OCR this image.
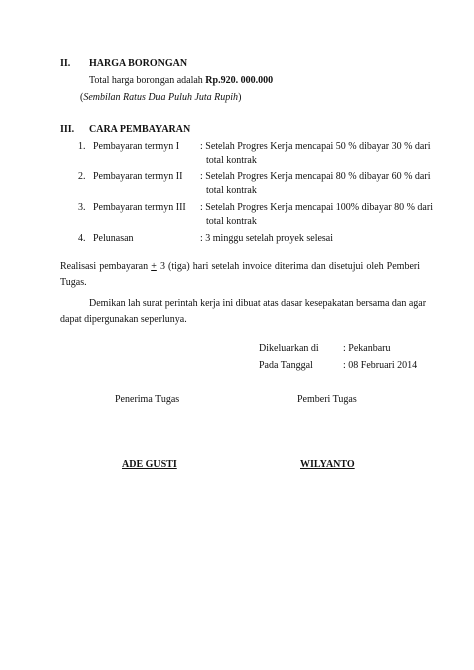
II. HARGA BORONGAN
Total harga borongan adalah Rp.920. 000.000
(Sembilan Ratus Dua Puluh Juta Rupih)
III. CARA PEMBAYARAN
1. Pembayaran termyn I : Setelah Progres Kerja mencapai 50 % dibayar 30 % dari
total kontrak
2. Pembayaran termyn II : Setelah Progres Kerja mencapai 80 % dibayar 60 % dari
total kontrak
3. Pembayaran termyn III : Setelah Progres Kerja mencapai 100% dibayar 80 % dari
total kontrak
4. Pelunasan	: 3 minggu setelah proyek selesai
Realisasi pembayaran + 3 (tiga) hari setelah invoice diterima dan disetujui oleh Pemberi
Tugas.
Demikan lah surat perintah kerja ini dibuat atas dasar kesepakatan bersama dan agar
dapat dipergunakan seperlunya.
Dikeluarkan di : Pekanbaru
Pada Tanggal	: 08 Februari 2014
Penerima Tugas	Pemberi Tugas
ADE GUSTI	WILYANTO
